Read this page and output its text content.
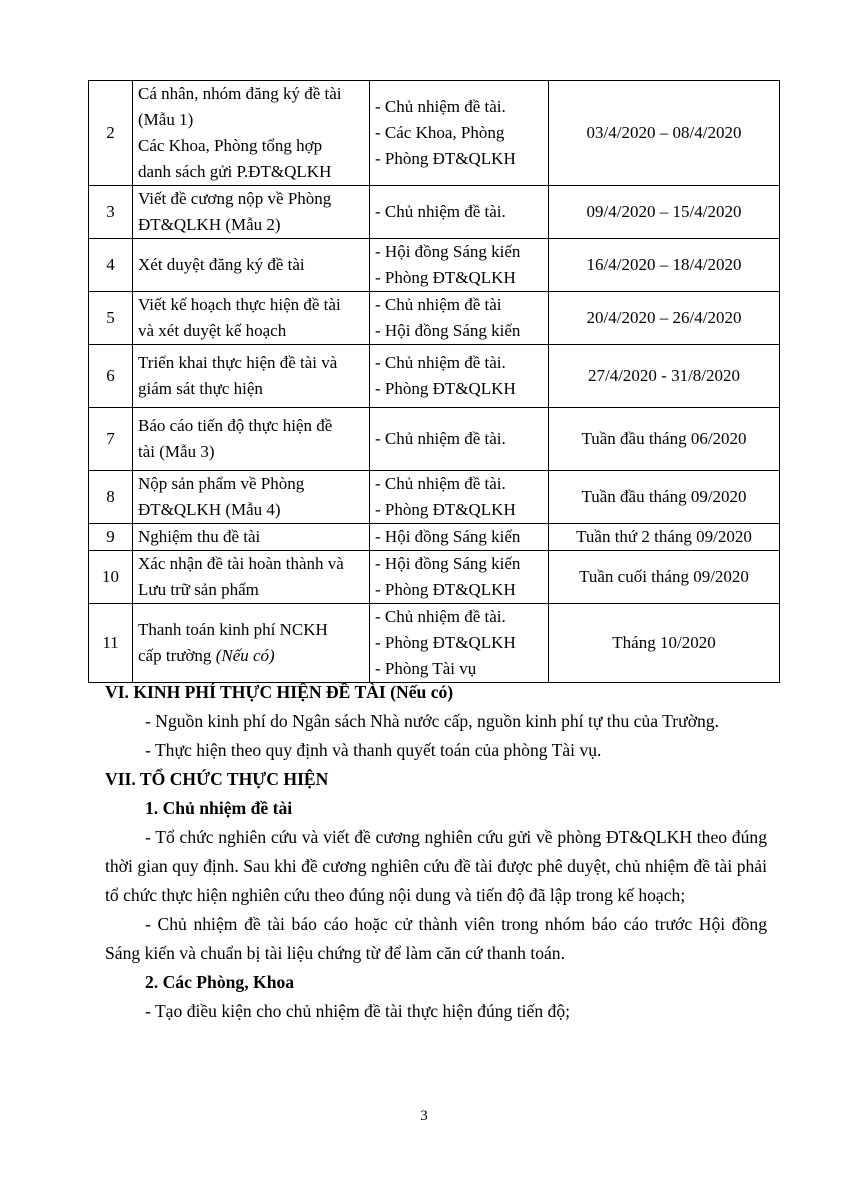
2	Cá nhân, nhóm đăng ký đề tài
(Mẫu 1)
Các Khoa, Phòng tổng hợp
danh sách gửi P.ĐT&QLKH	- Chủ nhiệm đề tài.
- Các Khoa, Phòng
- Phòng ĐT&QLKH	03/4/2020 – 08/4/2020
3	Viết đề cương nộp về Phòng
ĐT&QLKH (Mẫu 2)	- Chủ nhiệm đề tài.	09/4/2020 – 15/4/2020
4	Xét duyệt đăng ký đề tài	- Hội đồng Sáng kiến
- Phòng ĐT&QLKH	16/4/2020 – 18/4/2020
5	Viết kế hoạch thực hiện đề tài
và xét duyệt kế hoạch	- Chủ nhiệm đề tài
- Hội đồng Sáng kiến	20/4/2020 – 26/4/2020
6	Triển khai thực hiện đề tài và
giám sát thực hiện	- Chủ nhiệm đề tài.
- Phòng ĐT&QLKH	27/4/2020 - 31/8/2020
7	Báo cáo tiến độ thực hiện đề
tài (Mẫu 3)	- Chủ nhiệm đề tài.	Tuần đầu tháng 06/2020
8	Nộp sản phẩm về Phòng
ĐT&QLKH (Mẫu 4)	- Chủ nhiệm đề tài.
- Phòng ĐT&QLKH	Tuần đầu tháng 09/2020
9	Nghiệm thu đề tài	- Hội đồng Sáng kiến	Tuần thứ 2 tháng 09/2020
10	Xác nhận đề tài hoàn thành và
Lưu trữ sản phẩm	- Hội đồng Sáng kiến
- Phòng ĐT&QLKH	Tuần cuối tháng 09/2020
11	Thanh toán kinh phí NCKH
cấp trường (Nếu có)	- Chủ nhiệm đề tài.
- Phòng ĐT&QLKH
- Phòng Tài vụ	Tháng 10/2020

VI. KINH PHÍ THỰC HIỆN ĐỀ TÀI (Nếu có)

- Nguồn kinh phí do Ngân sách Nhà nước cấp, nguồn kinh phí tự thu của Trường.

- Thực hiện theo quy định và thanh quyết toán của phòng Tài vụ.

VII. TỔ CHỨC THỰC HIỆN

1. Chủ nhiệm đề tài

- Tổ chức nghiên cứu và viết đề cương nghiên cứu gửi về phòng ĐT&QLKH theo đúng thời gian quy định. Sau khi đề cương nghiên cứu đề tài được phê duyệt, chủ nhiệm đề tài phải tổ chức thực hiện nghiên cứu theo đúng nội dung và tiến độ đã lập trong kế hoạch;

- Chủ nhiệm đề tài báo cáo hoặc cử thành viên trong nhóm báo cáo trước Hội đồng Sáng kiến và chuẩn bị tài liệu chứng từ để làm căn cứ thanh toán.

2. Các Phòng, Khoa

- Tạo điều kiện cho chủ nhiệm đề tài thực hiện đúng tiến độ;

3
